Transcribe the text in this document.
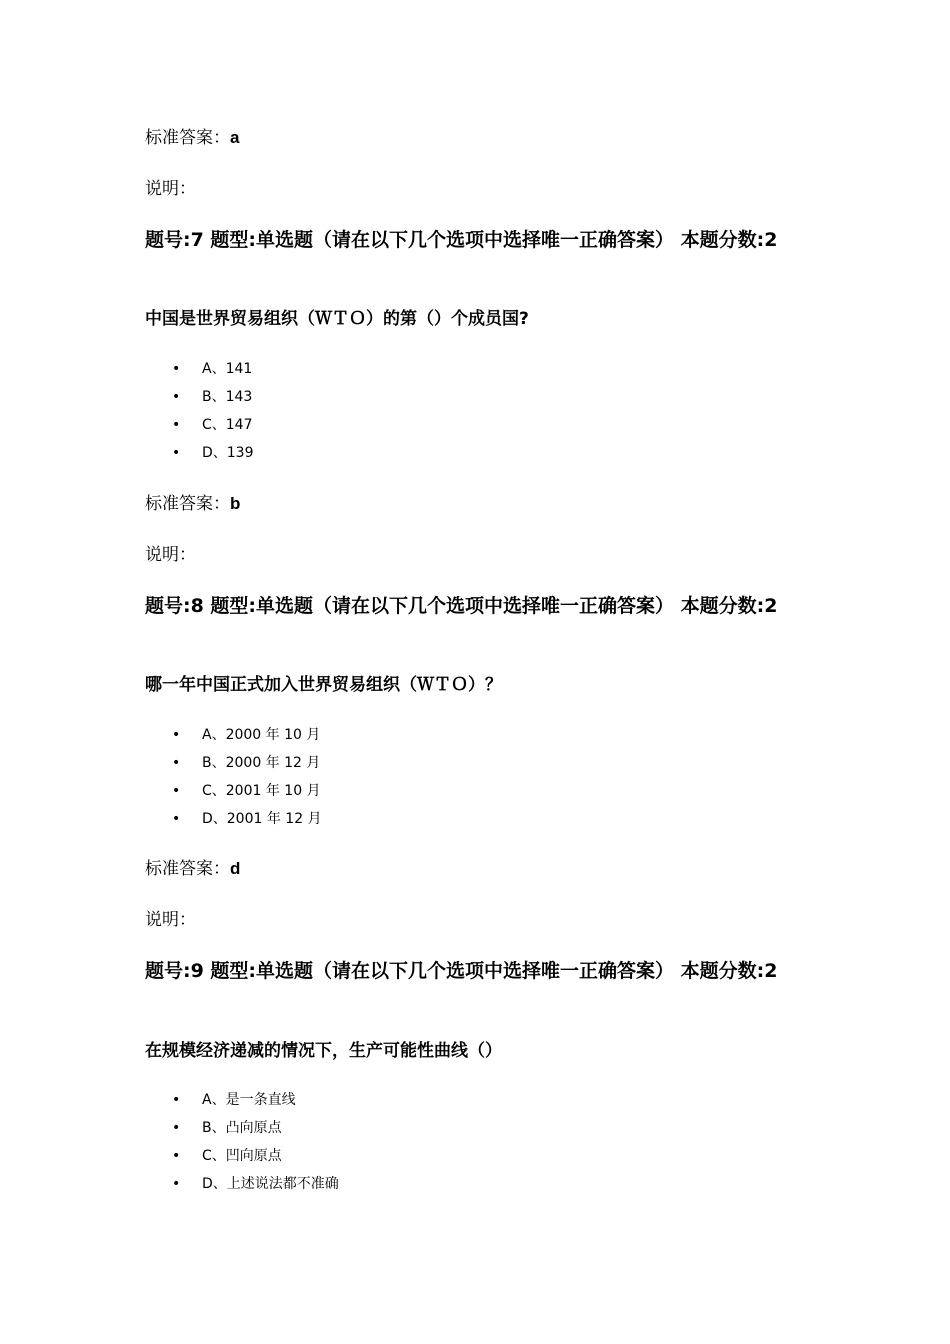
标准答案：a
说明：
题号:7 题型:单选题（请在以下几个选项中选择唯一正确答案） 本题分数:2
中国是世界贸易组织（ＷＴＯ）的第（）个成员国?
• A、141
• B、143
• C、147
• D、139
标准答案：b
说明：
题号:8 题型:单选题（请在以下几个选项中选择唯一正确答案） 本题分数:2
哪一年中国正式加入世界贸易组织（ＷＴＯ）？
• A、2000 年 10 月
• B、2000 年 12 月
• C、2001 年 10 月
• D、2001 年 12 月
标准答案：d
说明：
题号:9 题型:单选题（请在以下几个选项中选择唯一正确答案） 本题分数:2
在规模经济递减的情况下，生产可能性曲线（）
• A、是一条直线
• B、凸向原点
• C、凹向原点
• D、上述说法都不准确
